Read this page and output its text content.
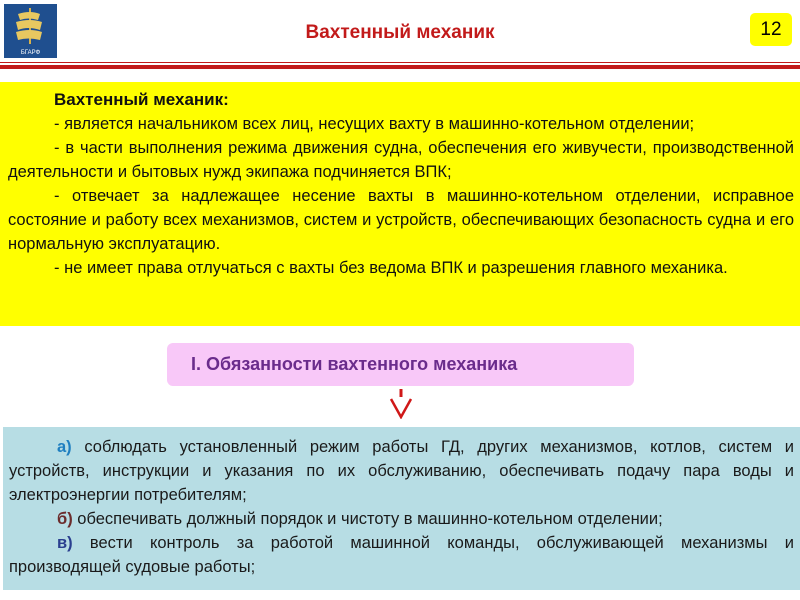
БГАРФ
Вахтенный механик	12

Вахтенный механик:

- является начальником всех лиц, несущих вахту в машинно-котельном отделении;

- в части выполнения режима движения судна, обеспечения его живучести, производственной деятельности и бытовых нужд экипажа подчиняется ВПК;

- отвечает за надлежащее несение вахты в машинно-котельном отделении, исправное состояние и работу всех механизмов, систем и устройств, обеспечивающих безопасность судна и его нормальную эксплуатацию.

- не имеет права отлучаться с вахты без ведома ВПК и разрешения главного механика.

I. Обязанности вахтенного механика

а) соблюдать установленный режим работы ГД, других механизмов, котлов, систем и устройств, инструкции и указания по их обслуживанию, обеспечивать подачу пара воды и электроэнергии потребителям;

б) обеспечивать должный порядок и чистоту в машинно-котельном отделении;

в) вести контроль за работой машинной команды, обслуживающей механизмы и производящей судовые работы;
